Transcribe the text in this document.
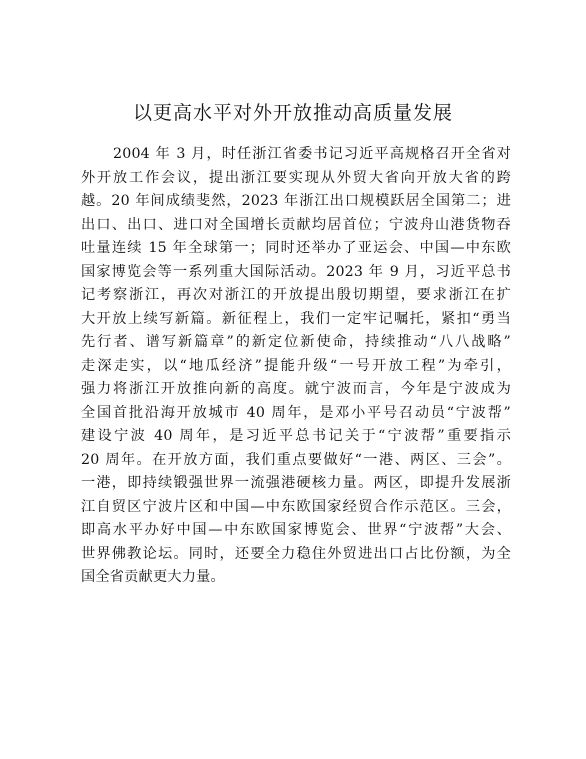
以更高水平对外开放推动高质量发展
2004 年 3 月，时任浙江省委书记习近平高规格召开全省对
外开放工作会议，提出浙江要实现从外贸大省向开放大省的跨
越。20 年间成绩斐然，2023 年浙江出口规模跃居全国第二；进
出口、出口、进口对全国增长贡献均居首位；宁波舟山港货物吞
吐量连续 15 年全球第一；同时还举办了亚运会、中国—中东欧
国家博览会等一系列重大国际活动。2023 年 9 月，习近平总书
记考察浙江，再次对浙江的开放提出殷切期望，要求浙江在扩
大开放上续写新篇。新征程上，我们一定牢记嘱托，紧扣“勇当
先行者、谱写新篇章”的新定位新使命，持续推动“八八战略”
走深走实，以“地瓜经济”提能升级“一号开放工程”为牵引，
强力将浙江开放推向新的高度。就宁波而言，今年是宁波成为
全国首批沿海开放城市 40 周年，是邓小平号召动员“宁波帮”
建设宁波 40 周年，是习近平总书记关于“宁波帮”重要指示
20 周年。在开放方面，我们重点要做好“一港、两区、三会”。
一港，即持续锻强世界一流强港硬核力量。两区，即提升发展浙
江自贸区宁波片区和中国—中东欧国家经贸合作示范区。三会，
即高水平办好中国—中东欧国家博览会、世界“宁波帮”大会、
世界佛教论坛。同时，还要全力稳住外贸进出口占比份额，为全
国全省贡献更大力量。
